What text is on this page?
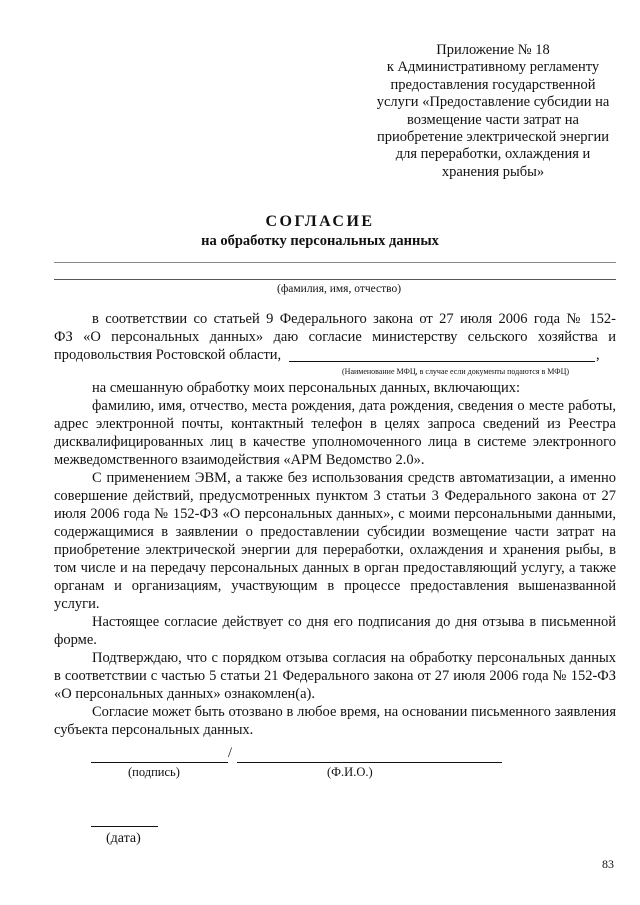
Приложение № 18
к Административному регламенту
предоставления государственной
услуги «Предоставление субсидии на
возмещение части затрат на
приобретение электрической энергии
для переработки, охлаждения и
хранения рыбы»
СОГЛАСИЕ
на обработку персональных данных
(фамилия, имя, отчество)

в соответствии со статьей 9 Федерального закона от 27 июля 2006 года № 152-

ФЗ «О персональных данных» даю согласие министерству сельского хозяйства и
продовольствия Ростовской области,	,
(Наименование МФЦ, в случае если документы подаются в МФЦ)

на смешанную обработку моих персональных данных, включающих:

фамилию, имя, отчество, места рождения, дата рождения, сведения о месте работы, адрес электронной почты, контактный телефон в целях запроса сведений из Реестра дисквалифицированных лиц в качестве уполномоченного лица в системе электронного межведомственного взаимодействия «АРМ Ведомство 2.0».

С применением ЭВМ, а также без использования средств автоматизации, а именно совершение действий, предусмотренных пунктом 3 статьи 3 Федерального закона от 27 июля 2006 года № 152-ФЗ «О персональных данных», с моими персональными данными, содержащимися в заявлении о предоставлении субсидии возмещение части затрат на приобретение электрической энергии для переработки, охлаждения и хранения рыбы, в том числе и на передачу персональных данных в орган предоставляющий услугу, а также органам и организациям, участвующим в процессе предоставления вышеназванной услуги.

Настоящее согласие действует со дня его подписания до дня отзыва в письменной форме.

Подтверждаю, что с порядком отзыва согласия на обработку персональных данных в соответствии с частью 5 статьи 21 Федерального закона от 27 июля 2006 года № 152-ФЗ «О персональных данных» ознакомлен(а).

Согласие может быть отозвано в любое время, на основании письменного заявления субъекта персональных данных.

/
(подпись)	(Ф.И.О.)
(дата)
83
